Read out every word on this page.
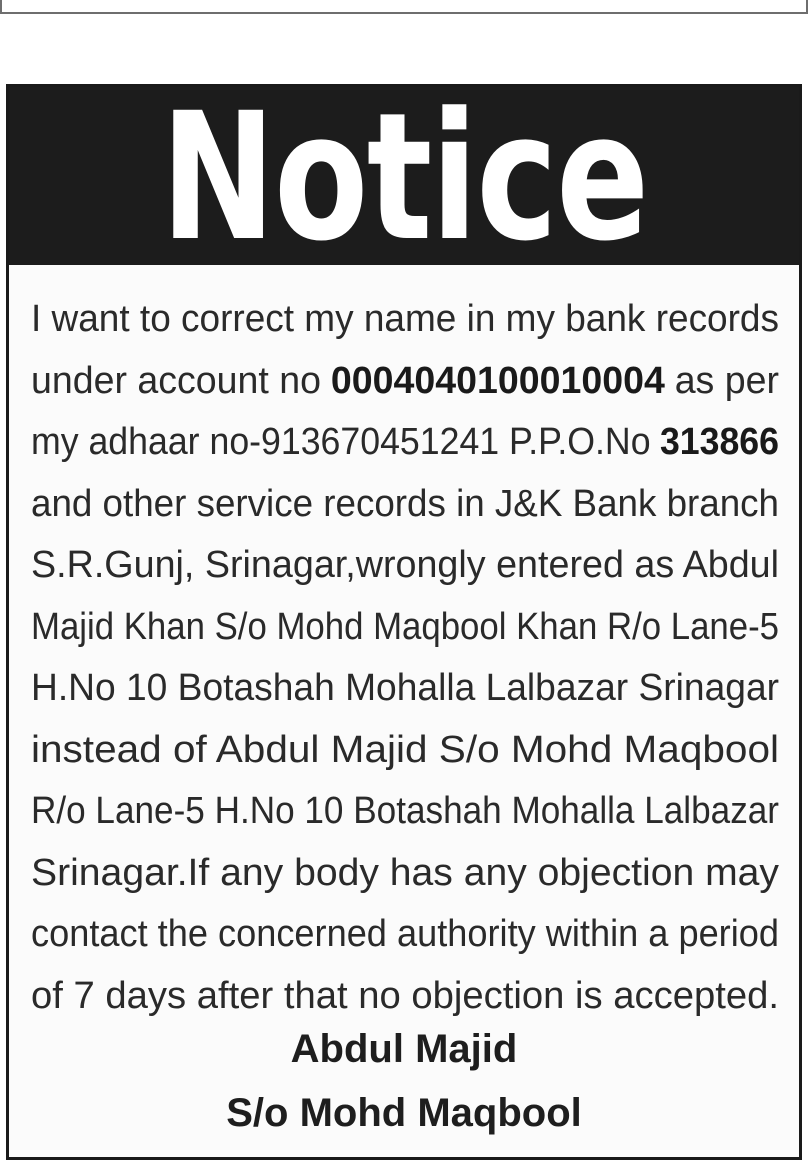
Notice
I want to correct my name in my bank records
under account no 0004040100010004 as per
my adhaar no-913670451241 P.P.O.No 313866
and other service records in J&K Bank branch
S.R.Gunj, Srinagar,wrongly entered as Abdul
Majid Khan S/o Mohd Maqbool Khan R/o Lane-5
H.No 10 Botashah Mohalla Lalbazar Srinagar
instead of Abdul Majid S/o Mohd Maqbool
R/o Lane-5 H.No 10 Botashah Mohalla Lalbazar
Srinagar.If any body has any objection may
contact the concerned authority within a period
of 7 days after that no objection is accepted.
Abdul Majid
S/o Mohd Maqbool
